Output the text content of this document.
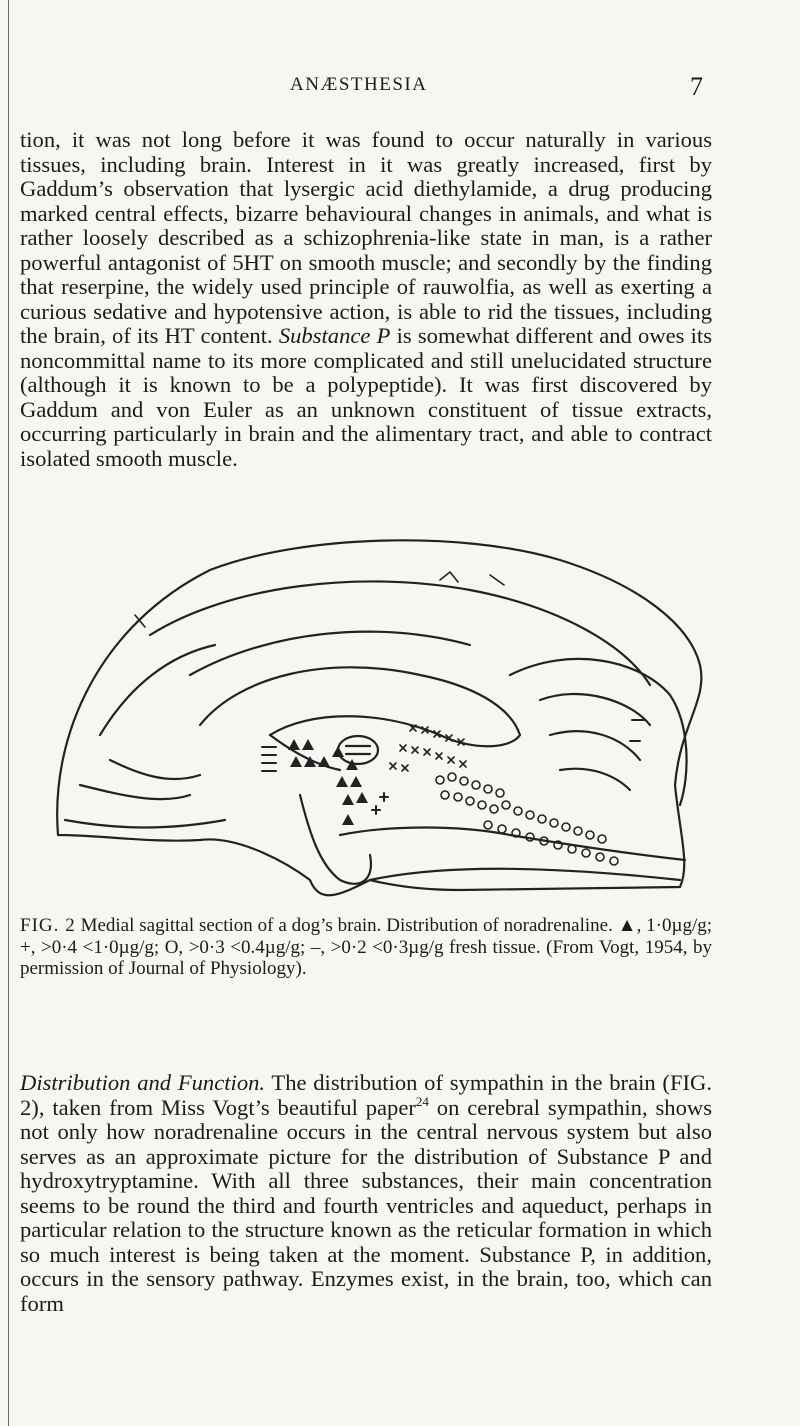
ANÆSTHESIA	7

tion, it was not long before it was found to occur naturally in various tissues, including brain. Interest in it was greatly increased, first by Gaddum’s observation that lysergic acid diethylamide, a drug producing marked central effects, bizarre behavioural changes in animals, and what is rather loosely described as a schizophrenia-like state in man, is a rather powerful antagonist of 5HT on smooth muscle; and secondly by the finding that reserpine, the widely used principle of rauwolfia, as well as exerting a curious sedative and hypotensive action, is able to rid the tissues, including the brain, of its HT content. Substance P is somewhat different and owes its noncommittal name to its more complicated and still unelucidated structure (although it is known to be a polypeptide). It was first discovered by Gaddum and von Euler as an unknown constituent of tissue extracts, occurring particularly in brain and the alimentary tract, and able to contract isolated smooth muscle.

FIG. 2 Medial sagittal section of a dog’s brain. Distribution of noradrenaline. ▲, 1·0µg/g; +, >0·4 <1·0µg/g; O, >0·3 <0.4µg/g; –, >0·2 <0·3µg/g fresh tissue. (From Vogt, 1954, by permission of Journal of Physiology).

Distribution and Function. The distribution of sympathin in the brain (FIG. 2), taken from Miss Vogt’s beautiful paper$^{24}$ on cerebral sympathin, shows not only how noradrenaline occurs in the central nervous system but also serves as an approximate picture for the distribution of Substance P and hydroxytryptamine. With all three substances, their main concentration seems to be round the third and fourth ventricles and aqueduct, perhaps in particular relation to the structure known as the reticular formation in which so much interest is being taken at the moment. Substance P, in addition, occurs in the sensory pathway. Enzymes exist, in the brain, too, which can form
